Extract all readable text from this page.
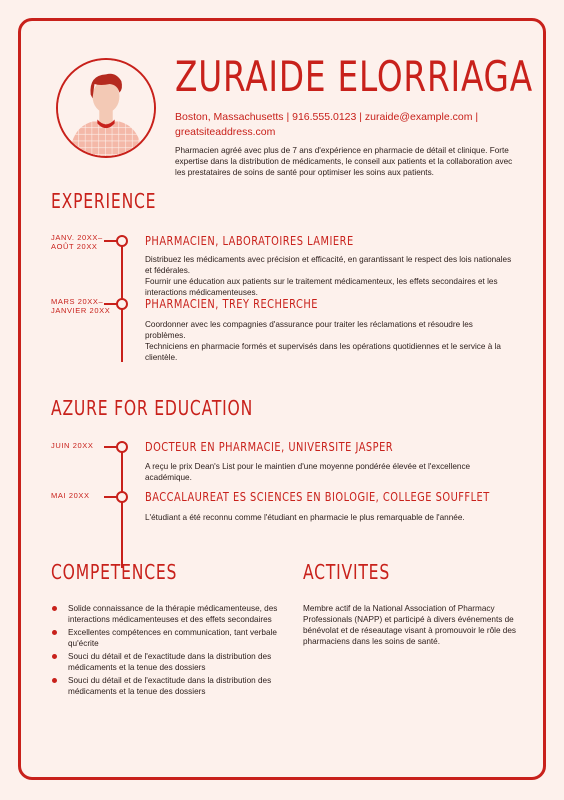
ZURAIDE ELORRIAGA
Boston, Massachusetts | 916.555.0123 | zuraide@example.com |
greatsiteaddress.com
Pharmacien agréé avec plus de 7 ans d'expérience en pharmacie de détail et clinique. Forte expertise dans la distribution de médicaments, le conseil aux patients et la collaboration avec les prestataires de soins de santé pour optimiser les soins aux patients.
EXPERIENCE
JANV. 20XX–
AOÛT 20XX	PHARMACIEN, LABORATOIRES LAMIERE
Distribuez les médicaments avec précision et efficacité, en garantissant le respect des lois nationales et fédérales.
Fournir une éducation aux patients sur le traitement médicamenteux, les effets secondaires et les interactions médicamenteuses.
MARS 20XX–
JANVIER 20XX	PHARMACIEN, TREY RECHERCHE
Coordonner avec les compagnies d'assurance pour traiter les réclamations et résoudre les problèmes.
Techniciens en pharmacie formés et supervisés dans les opérations quotidiennes et le service à la clientèle.
AZURE FOR EDUCATION
JUIN 20XX	DOCTEUR EN PHARMACIE, UNIVERSITE JASPER
A reçu le prix Dean's List pour le maintien d'une moyenne pondérée élevée et l'excellence académique.
MAI 20XX	BACCALAUREAT ES SCIENCES EN BIOLOGIE, COLLEGE SOUFFLET
L'étudiant a été reconnu comme l'étudiant en pharmacie le plus remarquable de l'année.
COMPETENCES
Solide connaissance de la thérapie médicamenteuse, des interactions médicamenteuses et des effets secondaires
Excellentes compétences en communication, tant verbale qu'écrite
Souci du détail et de l'exactitude dans la distribution des médicaments et la tenue des dossiers
Souci du détail et de l'exactitude dans la distribution des médicaments et la tenue des dossiers
ACTIVITES
Membre actif de la National Association of Pharmacy Professionals (NAPP) et participé à divers événements de bénévolat et de réseautage visant à promouvoir le rôle des pharmaciens dans les soins de santé.
